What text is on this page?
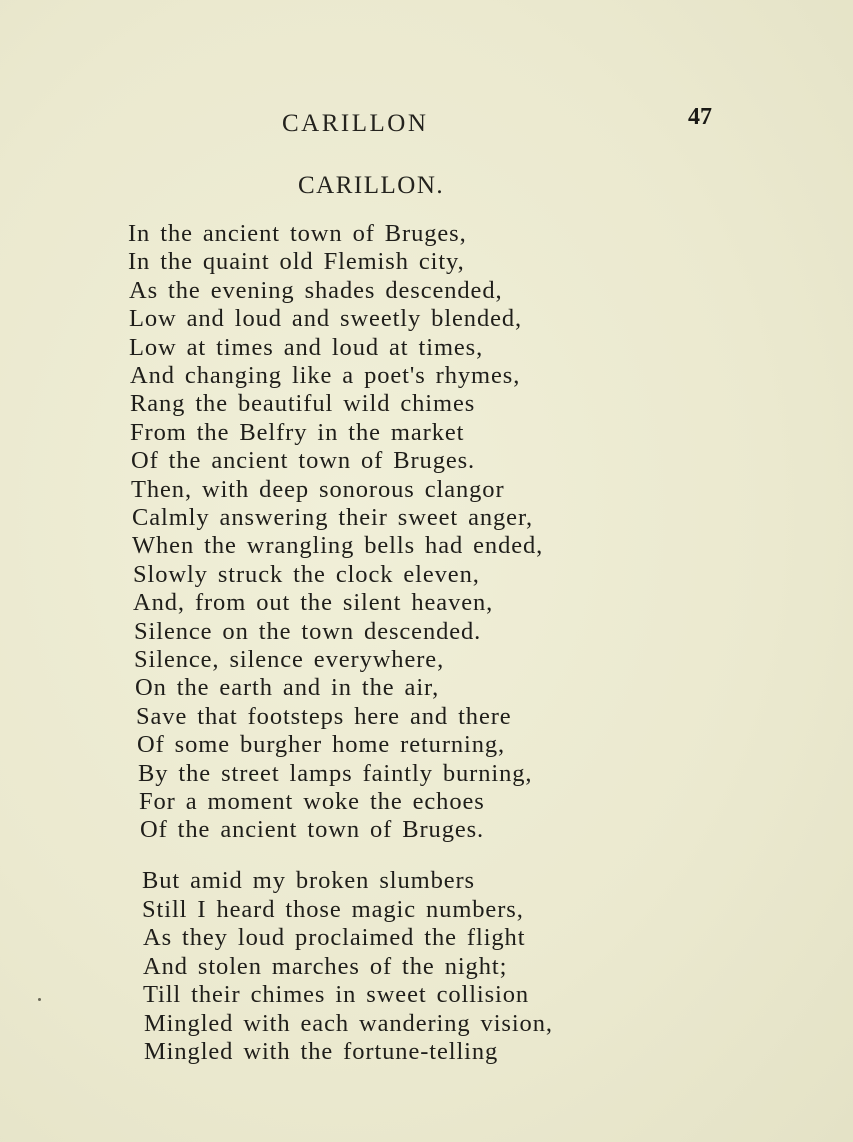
CARILLON	47
CARILLON.
In the ancient town of Bruges,
In the quaint old Flemish city,
As the evening shades descended,
Low and loud and sweetly blended,
Low at times and loud at times,
And changing like a poet's rhymes,
Rang the beautiful wild chimes
From the Belfry in the market
Of the ancient town of Bruges.
Then, with deep sonorous clangor
Calmly answering their sweet anger,
When the wrangling bells had ended,
Slowly struck the clock eleven,
And, from out the silent heaven,
Silence on the town descended.
Silence, silence everywhere,
On the earth and in the air,
Save that footsteps here and there
Of some burgher home returning,
By the street lamps faintly burning,
For a moment woke the echoes
Of the ancient town of Bruges.
But amid my broken slumbers
Still I heard those magic numbers,
As they loud proclaimed the flight
And stolen marches of the night;
Till their chimes in sweet collision
Mingled with each wandering vision,
Mingled with the fortune-telling
